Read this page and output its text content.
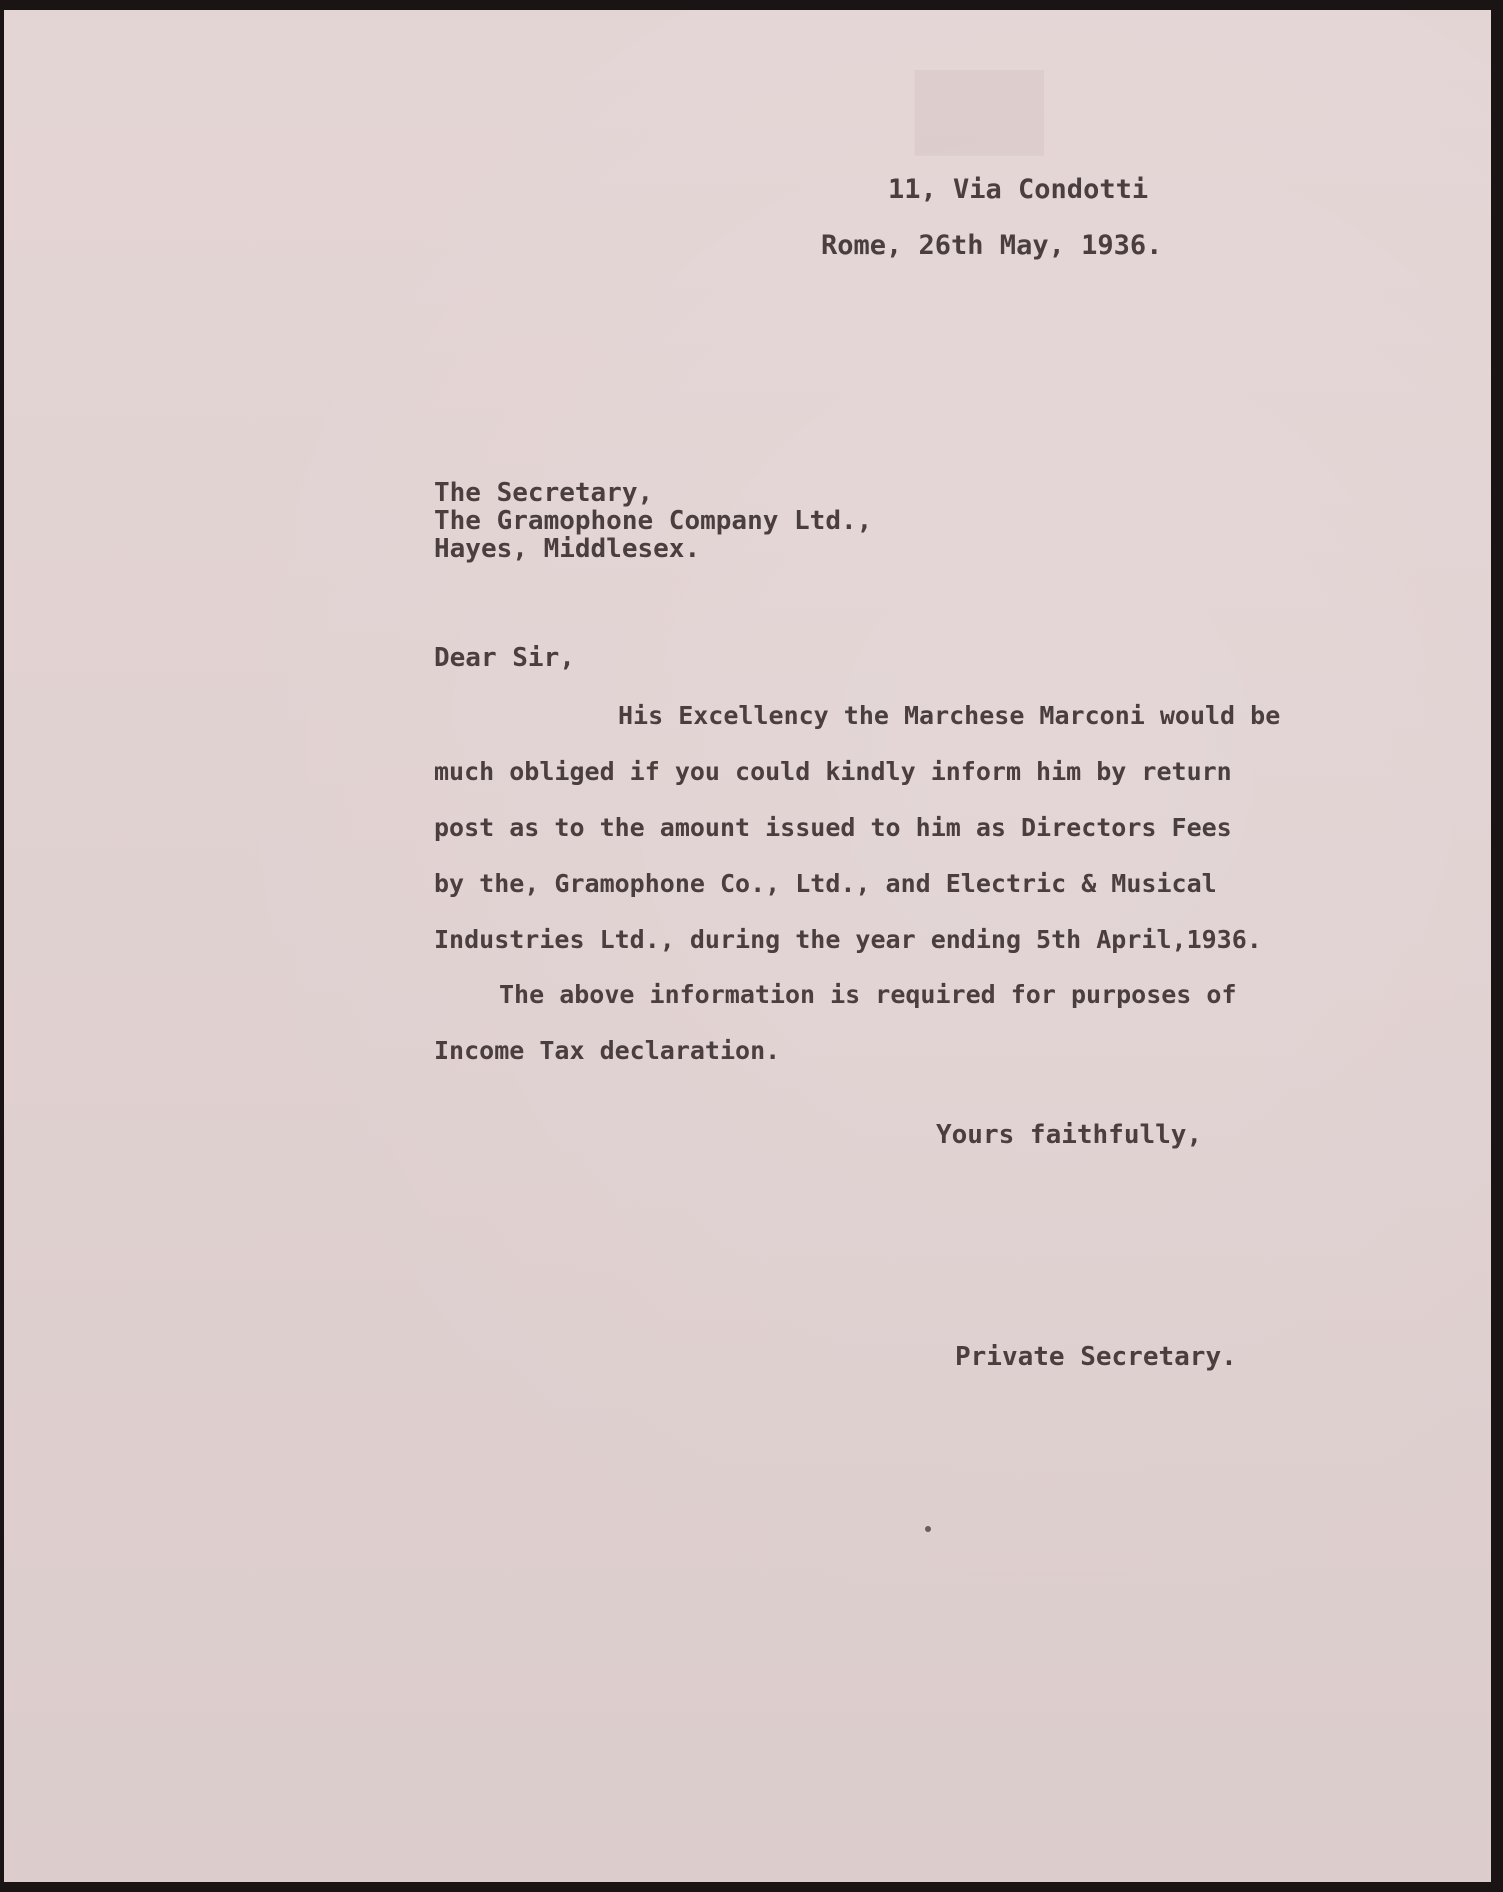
█
11, Via Condotti
Rome, 26th May, 1936.
The Secretary,
The Gramophone Company Ltd.,
Hayes, Middlesex.
Dear Sir,
His Excellency the Marchese Marconi would be
much obliged if you could kindly inform him by return
post as to the amount issued to him as Directors Fees
by the, Gramophone Co., Ltd., and Electric & Musical
Industries Ltd., during the year ending 5th April,1936.
The above information is required for purposes of
Income Tax declaration.
Yours faithfully,
Private Secretary.
